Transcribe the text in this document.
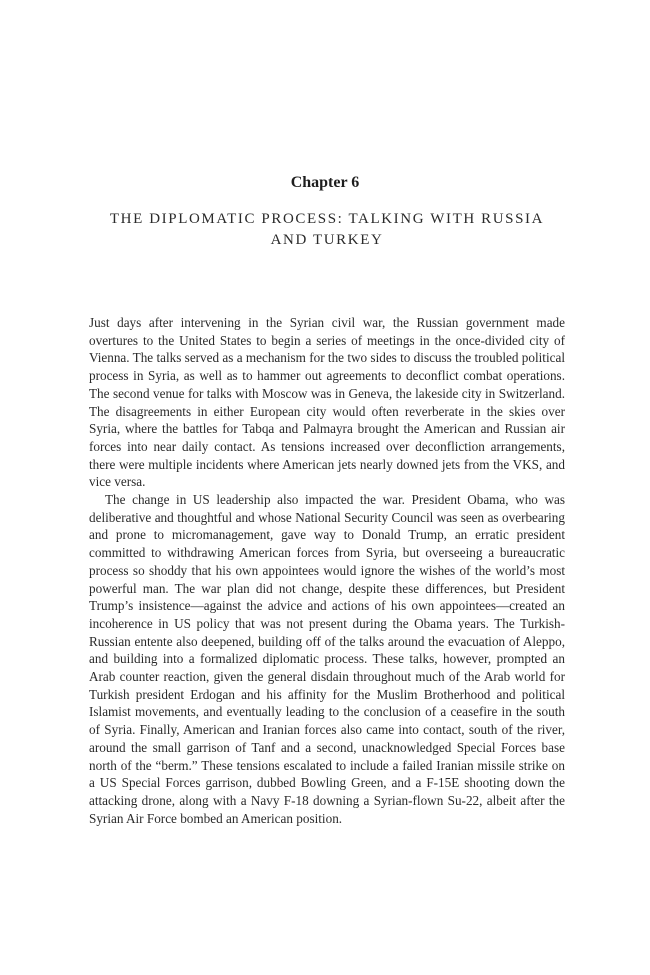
Chapter 6
THE DIPLOMATIC PROCESS: TALKING WITH RUSSIA AND TURKEY

Just days after intervening in the Syrian civil war, the Russian government made overtures to the United States to begin a series of meetings in the once-divided city of Vienna. The talks served as a mechanism for the two sides to discuss the troubled political process in Syria, as well as to hammer out agreements to deconflict combat operations. The second venue for talks with Moscow was in Geneva, the lakeside city in Switzerland. The disagreements in either European city would often reverberate in the skies over Syria, where the battles for Tabqa and Palmayra brought the American and Russian air forces into near daily contact. As tensions increased over deconfliction arrangements, there were multiple incidents where American jets nearly downed jets from the VKS, and vice versa.

The change in US leadership also impacted the war. President Obama, who was deliberative and thoughtful and whose National Security Council was seen as overbearing and prone to micromanagement, gave way to Donald Trump, an erratic president committed to withdrawing American forces from Syria, but overseeing a bureaucratic process so shoddy that his own appointees would ignore the wishes of the world’s most powerful man. The war plan did not change, despite these differences, but President Trump’s insistence—against the advice and actions of his own appointees—created an incoherence in US policy that was not present during the Obama years. The Turkish-Russian entente also deepened, building off of the talks around the evacuation of Aleppo, and building into a formalized diplomatic process. These talks, however, prompted an Arab counter reaction, given the general disdain throughout much of the Arab world for Turkish president Erdogan and his affinity for the Muslim Brotherhood and political Islamist movements, and eventually leading to the conclusion of a ceasefire in the south of Syria. Finally, American and Iranian forces also came into contact, south of the river, around the small garrison of Tanf and a second, unacknowledged Special Forces base north of the “berm.” These tensions escalated to include a failed Iranian missile strike on a US Special Forces garrison, dubbed Bowling Green, and a F-15E shooting down the attacking drone, along with a Navy F-18 downing a Syrian-flown Su-22, albeit after the Syrian Air Force bombed an American position.
